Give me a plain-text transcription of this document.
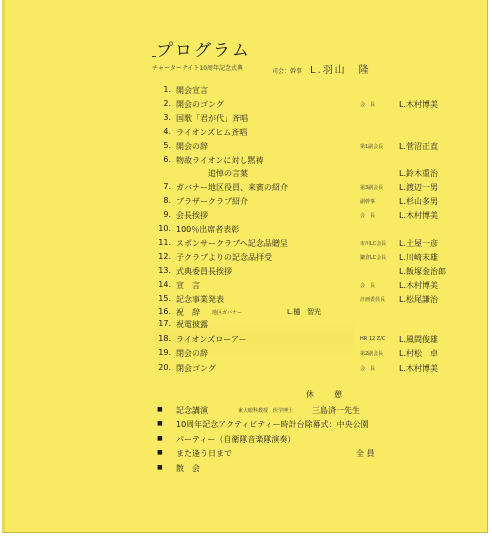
プログラム
チャーターナイト10周年記念式典	司会：幹事 L.羽山　隆
1. 開会宣言
2. 開会のゴング	会　長	L.木村博美
3. 国歌「君が代」斉唱
4. ライオンズヒム斉唱
5. 開会の辞	第1副会長 L.菅沼正直
6. 物故ライオンに対し黙祷
　　　　追悼の言葉	L.鈴木重治
7. ガバナー地区役員、来賓の紹介	第3副会長 L.渡辺一男
8. ブラザークラブ紹介	副幹事	L.杉山多男
9. 会長挨拶	会　長	L.木村博美
10. 100％出席者表彰
11. スポンサークラブへ記念品贈呈	市川LC会長 L.土屋一彦
12. 子クラブよりの記念品拝受	鎌倉LC会長 L.川崎末雄
13. 式典委員長挨拶	L.飯塚金治郎
14. 宣　言	会　長	L.木村博美
15. 記念事業発表	計画委員長 L.松尾謙治
16. 祝　辞 地区ガバナー	L.樋　智光
17. 祝電披露
18. ライオンズローアー	HR 12 Z/C L.風間俊雄
19. 閉会の辞	第2副会長 L.村松　卓
20. 閉会ゴング	会　長	L.木村博美
休　憩
■ 記念講演	東大眼科教授　医学博士 三島済一先生
■ 10周年記念アクティビティー時計台除幕式：中央公園
■ パーティー（自衛隊音楽隊演奏）
■ また逢う日まで	全 員
■ 散　会
